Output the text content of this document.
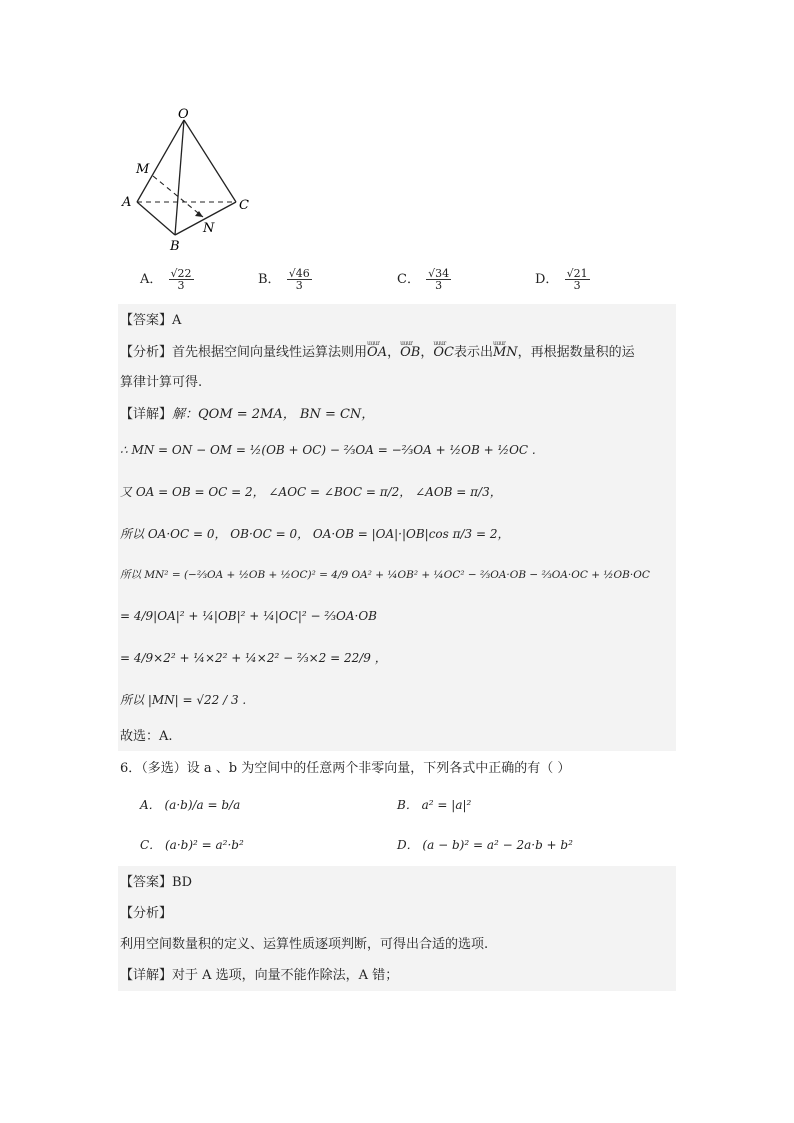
O
M
A	C
N
B
A． $\frac{√22}{3}$	B． $\frac{√46}{3}$	C． $\frac{√34}{3}$	D． $\frac{√21}{3}$
【答案】A
【分析】首先根据空间向量线性运算法则用uuur OA，uuur OB，uuur OC表示出uuur MN，再根据数量积的运
算律计算可得.
【详解】解：QOM = 2MA， BN = CN，
∴ MN = ON − OM = ½(OB + OC) − ⅔OA = −⅔OA + ½OB + ½OC .
又 OA = OB = OC = 2， ∠AOC = ∠BOC = π/2， ∠AOB = π/3，
所以 OA·OC = 0， OB·OC = 0， OA·OB = |OA|·|OB|cos π/3 = 2，
所以 MN² = (−⅔OA + ½OB + ½OC)² = 4/9 OA² + ¼OB² + ¼OC² − ⅔OA·OB − ⅔OA·OC + ½OB·OC
= 4/9|OA|² + ¼|OB|² + ¼|OC|² − ⅔OA·OB
= 4/9×2² + ¼×2² + ¼×2² − ⅔×2 = 22/9 ，
所以 |MN| = √22 / 3 .
故选：A.
6．（多选）设 a 、b 为空间中的任意两个非零向量，下列各式中正确的有（ ）
A． (a·b)/a = b/a	B． a² = |a|²
C． (a·b)² = a²·b²	D． (a − b)² = a² − 2a·b + b²
【答案】BD
【分析】
利用空间数量积的定义、运算性质逐项判断，可得出合适的选项.
【详解】对于 A 选项，向量不能作除法，A 错；
